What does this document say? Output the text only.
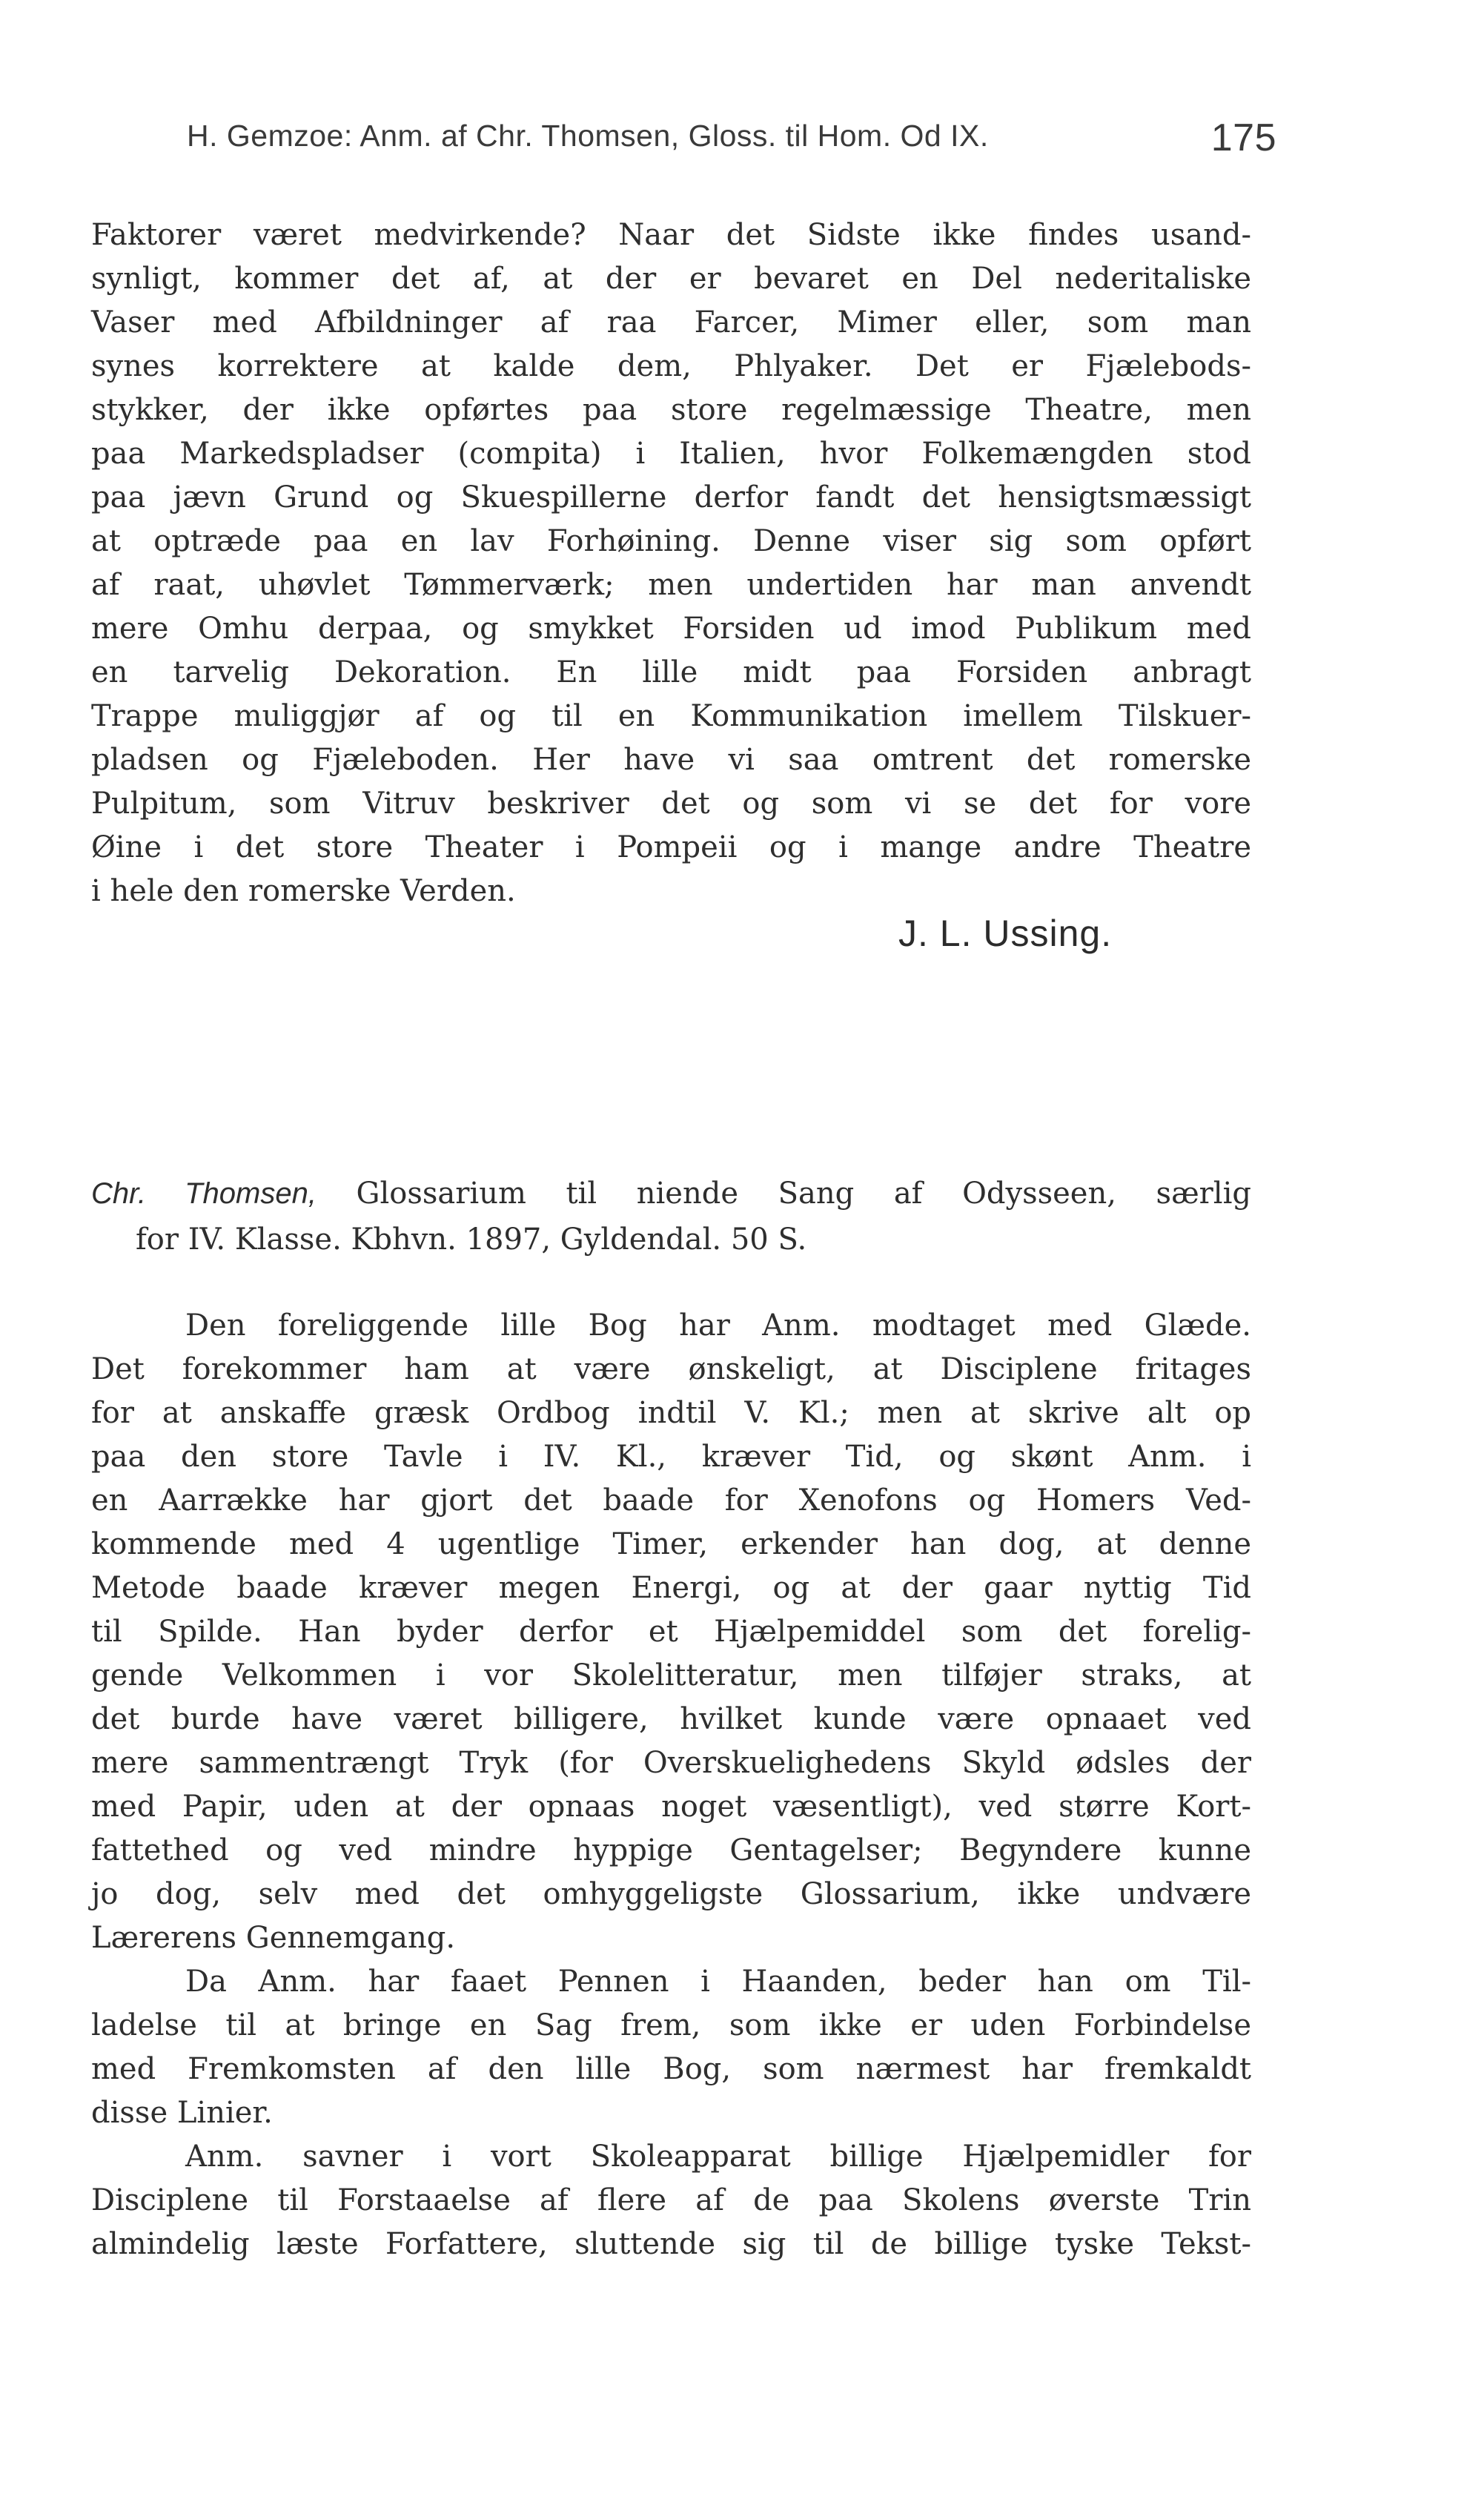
H. Gemzoe: Anm. af Chr. Thomsen, Gloss. til Hom. Od IX.	175
Faktorer været medvirkende? Naar det Sidste ikke findes usand-
synligt, kommer det af, at der er bevaret en Del nederitaliske
Vaser med Afbildninger af raa Farcer, Mimer eller, som man
synes korrektere at kalde dem, Phlyaker. Det er Fjælebods-
stykker, der ikke opførtes paa store regelmæssige Theatre, men
paa Markedspladser (compita) i Italien, hvor Folkemængden stod
paa jævn Grund og Skuespillerne derfor fandt det hensigtsmæssigt
at optræde paa en lav Forhøining. Denne viser sig som opført
af raat, uhøvlet Tømmerværk; men undertiden har man anvendt
mere Omhu derpaa, og smykket Forsiden ud imod Publikum med
en tarvelig Dekoration. En lille midt paa Forsiden anbragt
Trappe muliggjør af og til en Kommunikation imellem Tilskuer-
pladsen og Fjæleboden. Her have vi saa omtrent det romerske
Pulpitum, som Vitruv beskriver det og som vi se det for vore
Øine i det store Theater i Pompeii og i mange andre Theatre
i hele den romerske Verden.
J. L. Ussing.
Chr. Thomsen, Glossarium til niende Sang af Odysseen, særlig
for IV. Klasse. Kbhvn. 1897, Gyldendal. 50 S.
Den foreliggende lille Bog har Anm. modtaget med Glæde.
Det forekommer ham at være ønskeligt, at Disciplene fritages
for at anskaffe græsk Ordbog indtil V. Kl.; men at skrive alt op
paa den store Tavle i IV. Kl., kræver Tid, og skønt Anm. i
en Aarrække har gjort det baade for Xenofons og Homers Ved-
kommende med 4 ugentlige Timer, erkender han dog, at denne
Metode baade kræver megen Energi, og at der gaar nyttig Tid
til Spilde. Han byder derfor et Hjælpemiddel som det forelig-
gende Velkommen i vor Skolelitteratur, men tilføjer straks, at
det burde have været billigere, hvilket kunde være opnaaet ved
mere sammentrængt Tryk (for Overskuelighedens Skyld ødsles der
med Papir, uden at der opnaas noget væsentligt), ved større Kort-
fattethed og ved mindre hyppige Gentagelser; Begyndere kunne
jo dog, selv med det omhyggeligste Glossarium, ikke undvære
Lærerens Gennemgang.
Da Anm. har faaet Pennen i Haanden, beder han om Til-
ladelse til at bringe en Sag frem, som ikke er uden Forbindelse
med Fremkomsten af den lille Bog, som nærmest har fremkaldt
disse Linier.
Anm. savner i vort Skoleapparat billige Hjælpemidler for
Disciplene til Forstaaelse af flere af de paa Skolens øverste Trin
almindelig læste Forfattere, sluttende sig til de billige tyske Tekst-
